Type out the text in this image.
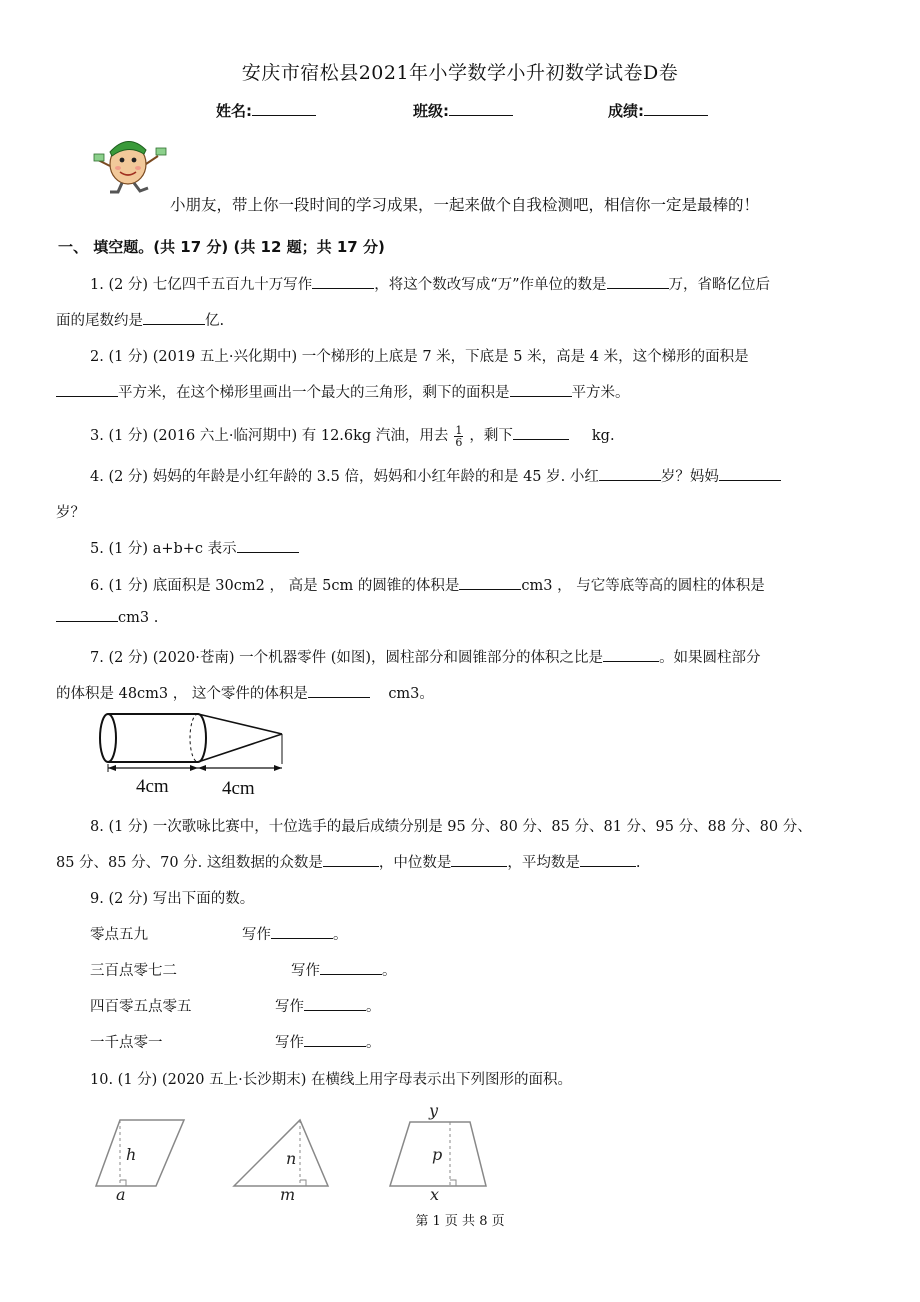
安庆市宿松县2021年小学数学小升初数学试卷D卷
姓名:	班级:	成绩:
小朋友，带上你一段时间的学习成果，一起来做个自我检测吧，相信你一定是最棒的！
一、 填空题。(共 17 分) (共 12 题；共 17 分)
1. (2 分) 七亿四千五百九十万写作	，将这个数改写成“万”作单位的数是	万，省略亿位后
面的尾数约是	亿.
2. (1 分) (2019 五上·兴化期中) 一个梯形的上底是 7 米，下底是 5 米，高是 4 米，这个梯形的面积是
平方米，在这个梯形里画出一个最大的三角形，剩下的面积是	平方米。
3. (1 分) (2016 六上·临河期中) 有 12.6kg 汽油，用去 $\frac{1}{6}$ ，剩下	kg.
4. (2 分) 妈妈的年龄是小红年龄的 3.5 倍，妈妈和小红年龄的和是 45 岁. 小红	岁？妈妈
岁？
5. (1 分) a+b+c 表示
6. (1 分) 底面积是 30cm2 ， 高是 5cm 的圆锥的体积是	cm3 ， 与它等底等高的圆柱的体积是
cm3 .
7. (2 分) (2020·苍南) 一个机器零件 (如图)，圆柱部分和圆锥部分的体积之比是	。如果圆柱部分
的体积是 48cm3 ， 这个零件的体积是	cm3。
4cm	4cm
8. (1 分) 一次歌咏比赛中，十位选手的最后成绩分别是 95 分、80 分、85 分、81 分、95 分、88 分、80 分、
85 分、85 分、70 分. 这组数据的众数是	，中位数是	，平均数是	.
9. (2 分) 写出下面的数。
零点五九	写作	。
三百点零七二	写作	。
四百零五点零五	写作	。
一千点零一	写作	。
10. (1 分) (2020 五上·长沙期末) 在横线上用字母表示出下列图形的面积。
h
a
n
m
y
p
x
第 1 页 共 8 页
